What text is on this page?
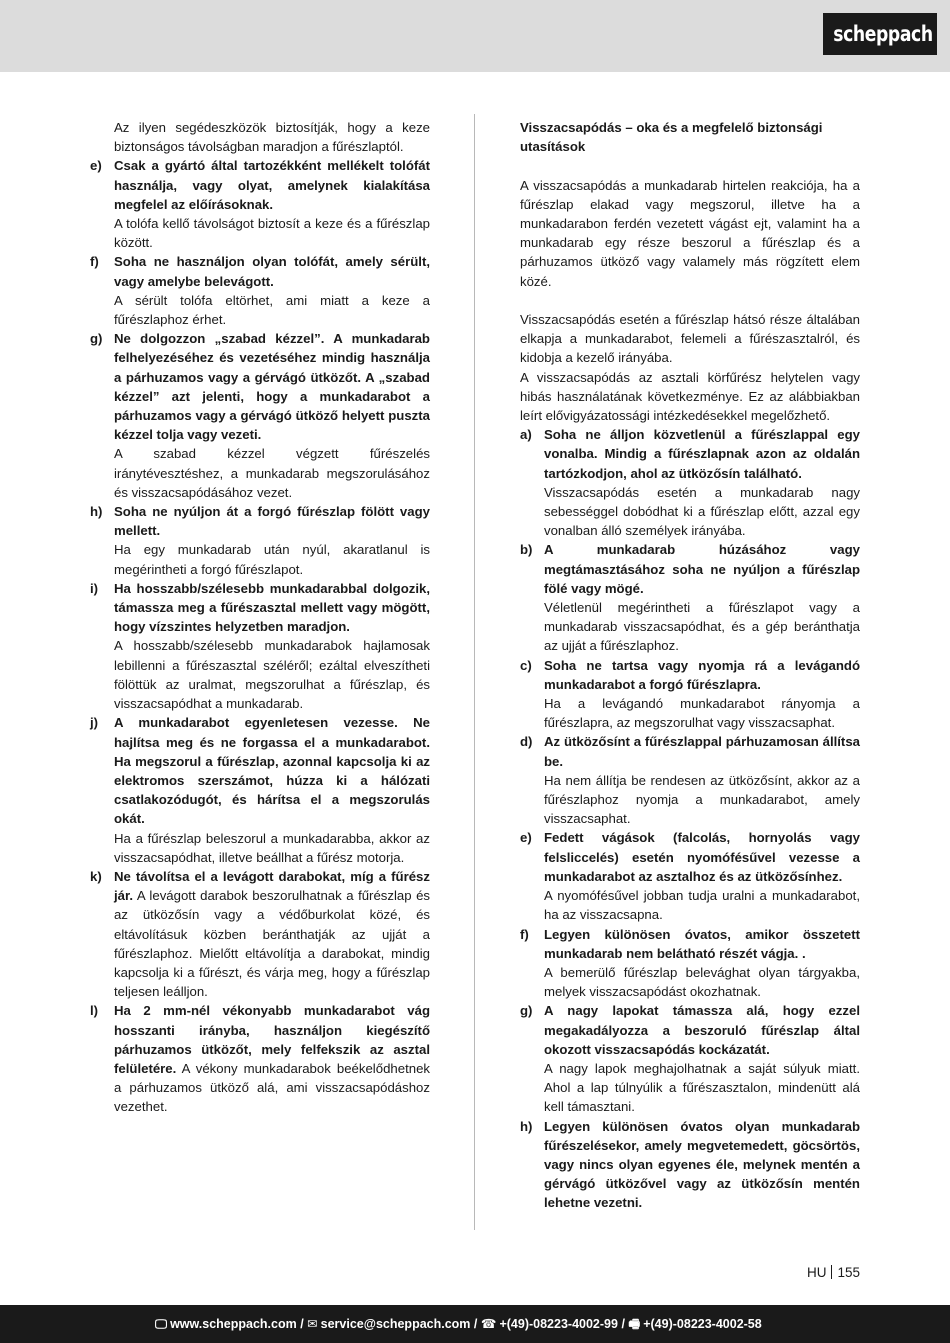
scheppach
Az ilyen segédeszközök biztosítják, hogy a keze biztonságos távolságban maradjon a fűrészlaptól.
e) Csak a gyártó által tartozékként mellékelt tolófát használja, vagy olyat, amelynek kialakítása megfelel az előírásoknak.
A tolófa kellő távolságot biztosít a keze és a fűrészlap között.
f) Soha ne használjon olyan tolófát, amely sérült, vagy amelybe belevágott.
A sérült tolófa eltörhet, ami miatt a keze a fűrészlaphoz érhet.
g) Ne dolgozzon „szabad kézzel”. A munkadarab felhelyezéséhez és vezetéséhez mindig használja a párhuzamos vagy a gérvágó ütközőt. A „szabad kézzel” azt jelenti, hogy a munkadarabot a párhuzamos vagy a gérvágó ütköző helyett puszta kézzel tolja vagy vezeti.
A szabad kézzel végzett fűrészelés iránytévesztéshez, a munkadarab megszorulásához és visszacsapódásához vezet.
h) Soha ne nyúljon át a forgó fűrészlap fölött vagy mellett.
Ha egy munkadarab után nyúl, akaratlanul is megérintheti a forgó fűrészlapot.
i) Ha hosszabb/szélesebb munkadarabbal dolgozik, támassza meg a fűrészasztal mellett vagy mögött, hogy vízszintes helyzetben maradjon.
A hosszabb/szélesebb munkadarabok hajlamosak lebillenni a fűrészasztal széléről; ezáltal elveszítheti fölöttük az uralmat, megszorulhat a fűrészlap, és visszacsapódhat a munkadarab.
j) A munkadarabot egyenletesen vezesse. Ne hajlítsa meg és ne forgassa el a munkadarabot. Ha megszorul a fűrészlap, azonnal kapcsolja ki az elektromos szerszámot, húzza ki a hálózati csatlakozódugót, és hárítsa el a megszorulás okát.
Ha a fűrészlap beleszorul a munkadarabba, akkor az visszacsapódhat, illetve beállhat a fűrész motorja.
k) Ne távolítsa el a levágott darabokat, míg a fűrész jár. A levágott darabok beszorulhatnak a fűrészlap és az ütközősín vagy a védőburkolat közé, és eltávolításuk közben beránthatják az ujját a fűrészlaphoz. Mielőtt eltávolítja a darabokat, mindig kapcsolja ki a fűrészt, és várja meg, hogy a fűrészlap teljesen leálljon.
l) Ha 2 mm-nél vékonyabb munkadarabot vág hosszanti irányba, használjon kiegészítő párhuzamos ütközőt, mely felfekszik az asztal felületére. A vékony munkadarabok beékelődhetnek a párhuzamos ütköző alá, ami visszacsapódáshoz vezethet.
Visszacsapódás – oka és a megfelelő biztonsági utasítások
A visszacsapódás a munkadarab hirtelen reakciója, ha a fűrészlap elakad vagy megszorul, illetve ha a munkadarabon ferdén vezetett vágást ejt, valamint ha a munkadarab egy része beszorul a fűrészlap és a párhuzamos ütköző vagy valamely más rögzített elem közé.
Visszacsapódás esetén a fűrészlap hátsó része általában elkapja a munkadarabot, felemeli a fűrészasztalról, és kidobja a kezelő irányába.
A visszacsapódás az asztali körfűrész helytelen vagy hibás használatának következménye. Ez az alábbiakban leírt elővigyázatossági intézkedésekkel megelőzhető.
a) Soha ne álljon közvetlenül a fűrészlappal egy vonalba. Mindig a fűrészlapnak azon az oldalán tartózkodjon, ahol az ütközősín található.
Visszacsapódás esetén a munkadarab nagy sebességgel dobódhat ki a fűrészlap előtt, azzal egy vonalban álló személyek irányába.
b) A munkadarab húzásához vagy megtámasztásához soha ne nyúljon a fűrészlap fölé vagy mögé.
Véletlenül megérintheti a fűrészlapot vagy a munkadarab visszacsapódhat, és a gép beránthatja az ujját a fűrészlaphoz.
c) Soha ne tartsa vagy nyomja rá a levágandó munkadarabot a forgó fűrészlapra.
Ha a levágandó munkadarabot rányomja a fűrészlapra, az megszorulhat vagy visszacsaphat.
d) Az ütközősínt a fűrészlappal párhuzamosan állítsa be.
Ha nem állítja be rendesen az ütközősínt, akkor az a fűrészlaphoz nyomja a munkadarabot, amely visszacsaphat.
e) Fedett vágások (falcolás, hornyolás vagy felsliccelés) esetén nyomófésűvel vezesse a munkadarabot az asztalhoz és az ütközősínhez.
A nyomófésűvel jobban tudja uralni a munkadarabot, ha az visszacsapna.
f) Legyen különösen óvatos, amikor összetett munkadarab nem belátható részét vágja. .
A bemerülő fűrészlap belevághat olyan tárgyakba, melyek visszacsapódást okozhatnak.
g) A nagy lapokat támassza alá, hogy ezzel megakadályozza a beszoruló fűrészlap által okozott visszacsapódás kockázatát.
A nagy lapok meghajolhatnak a saját súlyuk miatt. Ahol a lap túlnyúlik a fűrészasztalon, mindenütt alá kell támasztani.
h) Legyen különösen óvatos olyan munkadarab fűrészelésekor, amely megvetemedett, göcsörtös, vagy nincs olyan egyenes éle, melynek mentén a gérvágó ütközővel vagy az ütközősín mentén lehetne vezetni.
HU 155
🖵 www.scheppach.com / ✉ service@scheppach.com / ☎ +(49)-08223-4002-99 / 🖷 +(49)-08223-4002-58
